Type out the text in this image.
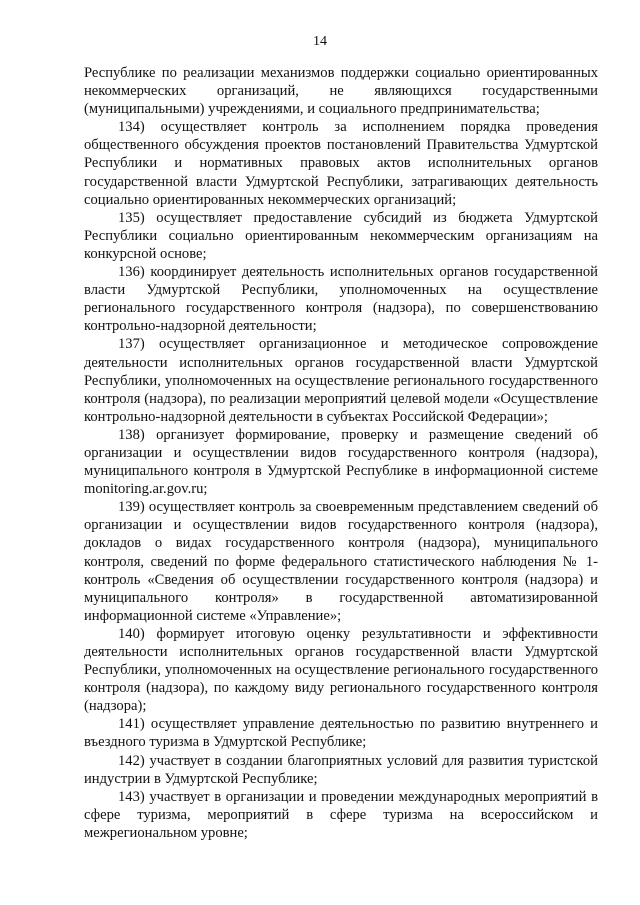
14

Республике по реализации механизмов поддержки социально ориентированных некоммерческих организаций, не являющихся государственными (муниципальными) учреждениями, и социального предпринимательства;

134) осуществляет контроль за исполнением порядка проведения общественного обсуждения проектов постановлений Правительства Удмуртской Республики и нормативных правовых актов исполнительных органов государственной власти Удмуртской Республики, затрагивающих деятельность социально ориентированных некоммерческих организаций;

135) осуществляет предоставление субсидий из бюджета Удмуртской Республики социально ориентированным некоммерческим организациям на конкурсной основе;

136) координирует деятельность исполнительных органов государственной власти Удмуртской Республики, уполномоченных на осуществление регионального государственного контроля (надзора), по совершенствованию контрольно-надзорной деятельности;

137) осуществляет организационное и методическое сопровождение деятельности исполнительных органов государственной власти Удмуртской Республики, уполномоченных на осуществление регионального государственного контроля (надзора), по реализации мероприятий целевой модели «Осуществление контрольно-надзорной деятельности в субъектах Российской Федерации»;

138) организует формирование, проверку и размещение сведений об организации и осуществлении видов государственного контроля (надзора), муниципального контроля в Удмуртской Республике в информационной системе monitoring.ar.gov.ru;

139) осуществляет контроль за своевременным представлением сведений об организации и осуществлении видов государственного контроля (надзора), докладов о видах государственного контроля (надзора), муниципального контроля, сведений по форме федерального статистического наблюдения № 1-контроль «Сведения об осуществлении государственного контроля (надзора) и муниципального контроля» в государственной автоматизированной информационной системе «Управление»;

140) формирует итоговую оценку результативности и эффективности деятельности исполнительных органов государственной власти Удмуртской Республики, уполномоченных на осуществление регионального государственного контроля (надзора), по каждому виду регионального государственного контроля (надзора);

141) осуществляет управление деятельностью по развитию внутреннего и въездного туризма в Удмуртской Республике;

142) участвует в создании благоприятных условий для развития туристской индустрии в Удмуртской Республике;

143) участвует в организации и проведении международных мероприятий в сфере туризма, мероприятий в сфере туризма на всероссийском и межрегиональном уровне;
